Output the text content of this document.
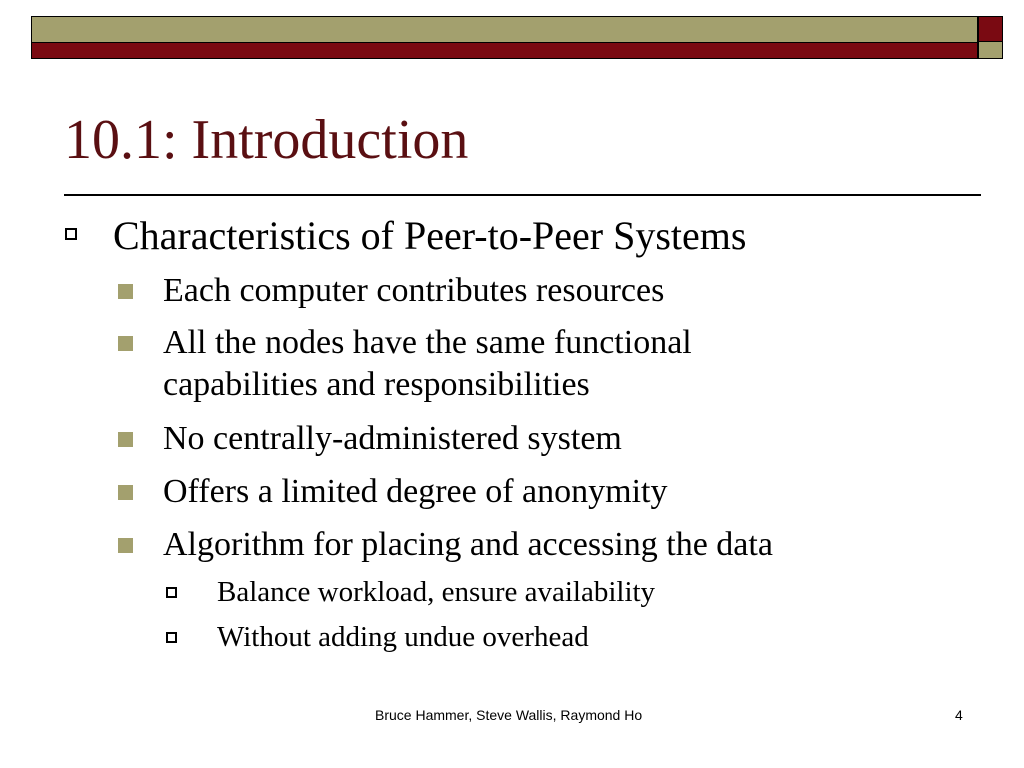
10.1: Introduction
Characteristics of Peer-to-Peer Systems
Each computer contributes resources
All the nodes have the same functional
capabilities and responsibilities
No centrally-administered system
Offers a limited degree of anonymity
Algorithm for placing and accessing the data
Balance workload, ensure availability
Without adding undue overhead
Bruce Hammer, Steve Wallis, Raymond Ho	4
